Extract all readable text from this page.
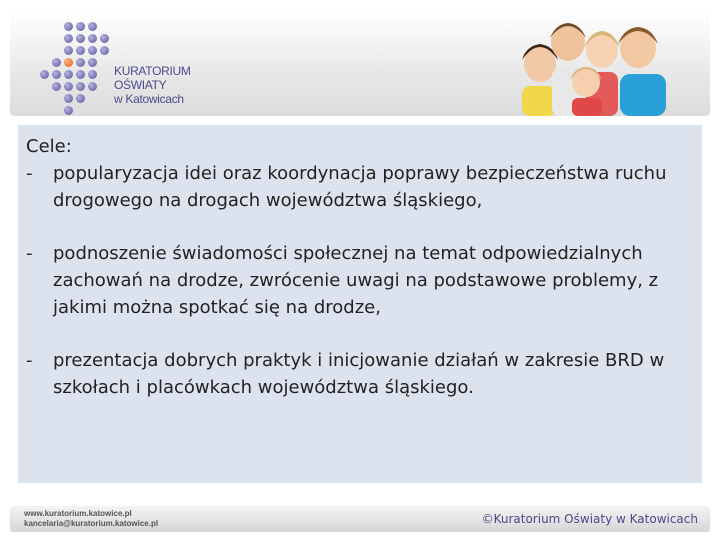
KURATORIUM
OŚWIATY
w Katowicach
Cele:
-	popularyzacja idei oraz koordynacja poprawy bezpieczeństwa ruchu drogowego na drogach województwa śląskiego,
-	podnoszenie świadomości społecznej na temat odpowiedzialnych zachowań na drodze, zwrócenie uwagi na podstawowe problemy, z jakimi można spotkać się na drodze,
-	prezentacja dobrych praktyk i inicjowanie działań w zakresie BRD w szkołach i placówkach województwa śląskiego.
www.kuratorium.katowice.pl
kancelaria@kuratorium.katowice.pl	©Kuratorium Oświaty w Katowicach
